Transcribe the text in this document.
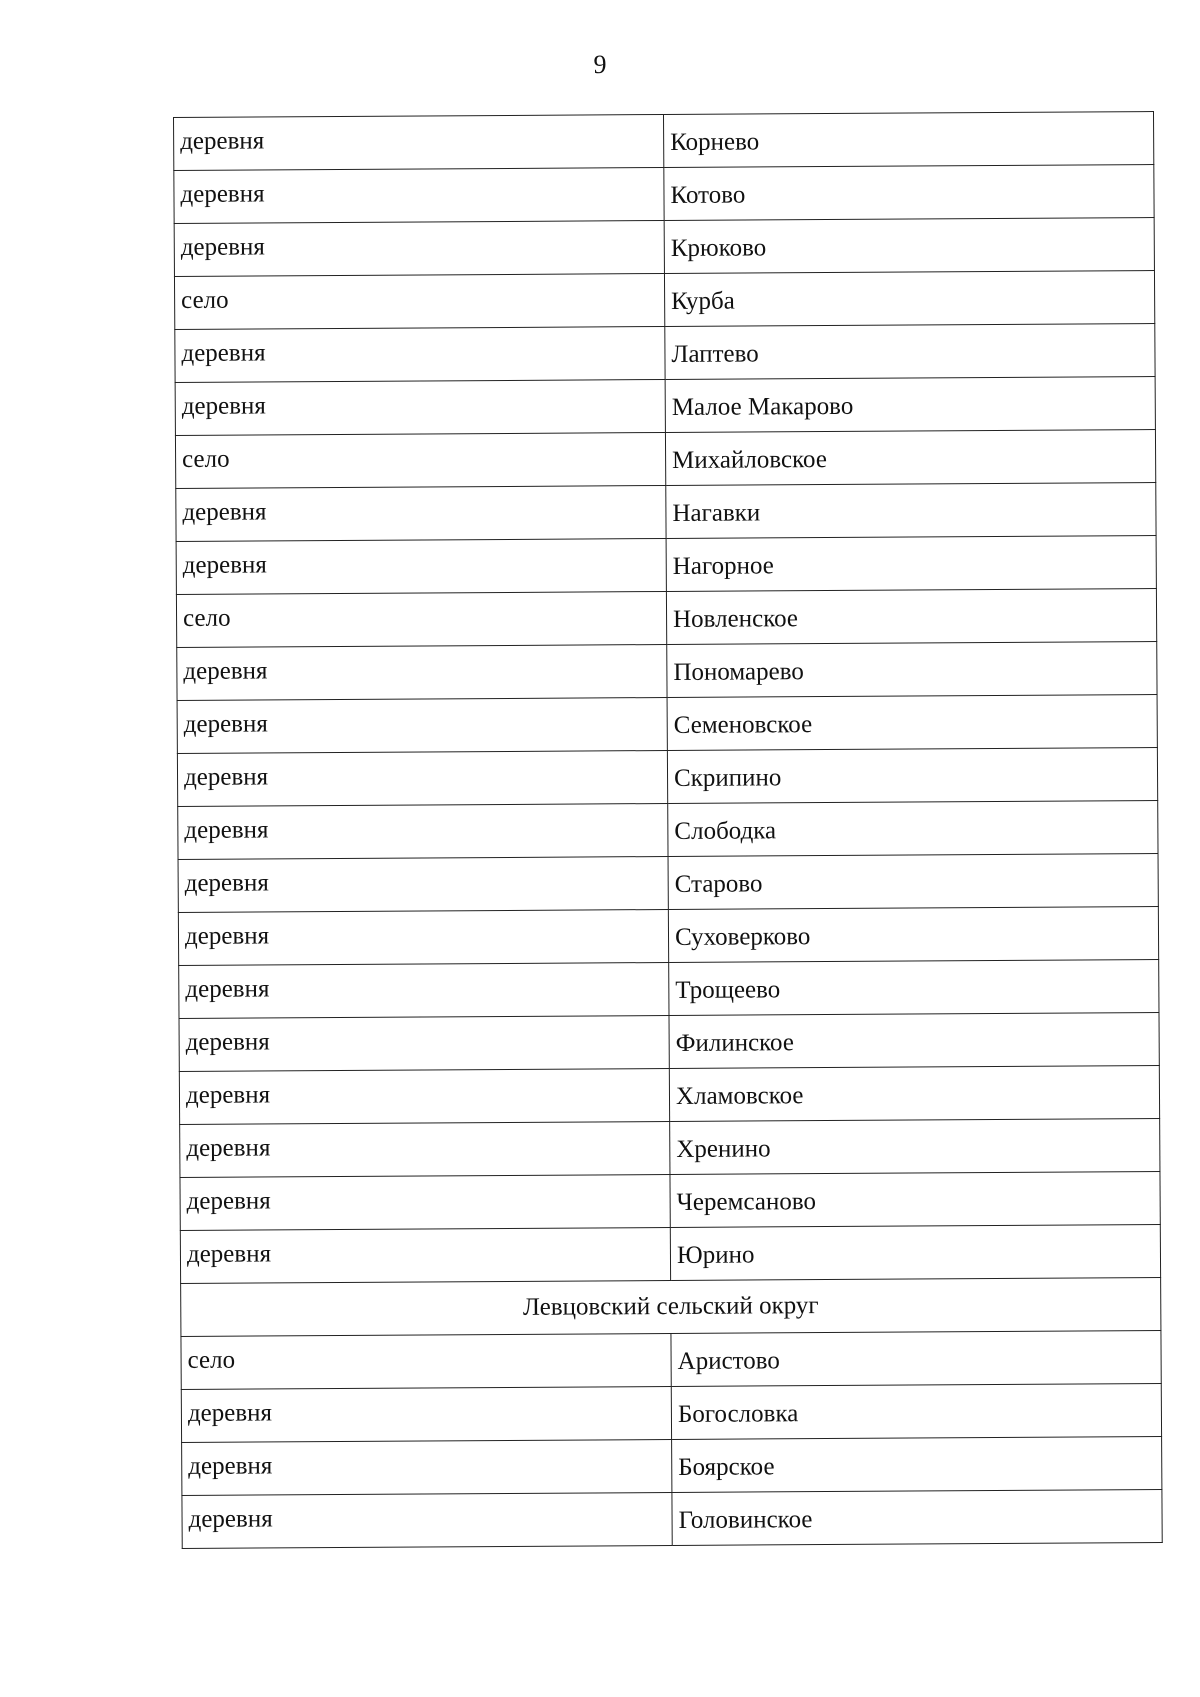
9
деревня	Корнево
деревня	Котово
деревня	Крюково
село	Курба
деревня	Лаптево
деревня	Малое Макарово
село	Михайловское
деревня	Нагавки
деревня	Нагорное
село	Новленское
деревня	Пономарево
деревня	Семеновское
деревня	Скрипино
деревня	Слободка
деревня	Старово
деревня	Суховерково
деревня	Трощеево
деревня	Филинское
деревня	Хламовское
деревня	Хренино
деревня	Черемсаново
деревня	Юрино
Левцовский сельский округ	
село	Аристово
деревня	Богословка
деревня	Боярское
деревня	Головинское
